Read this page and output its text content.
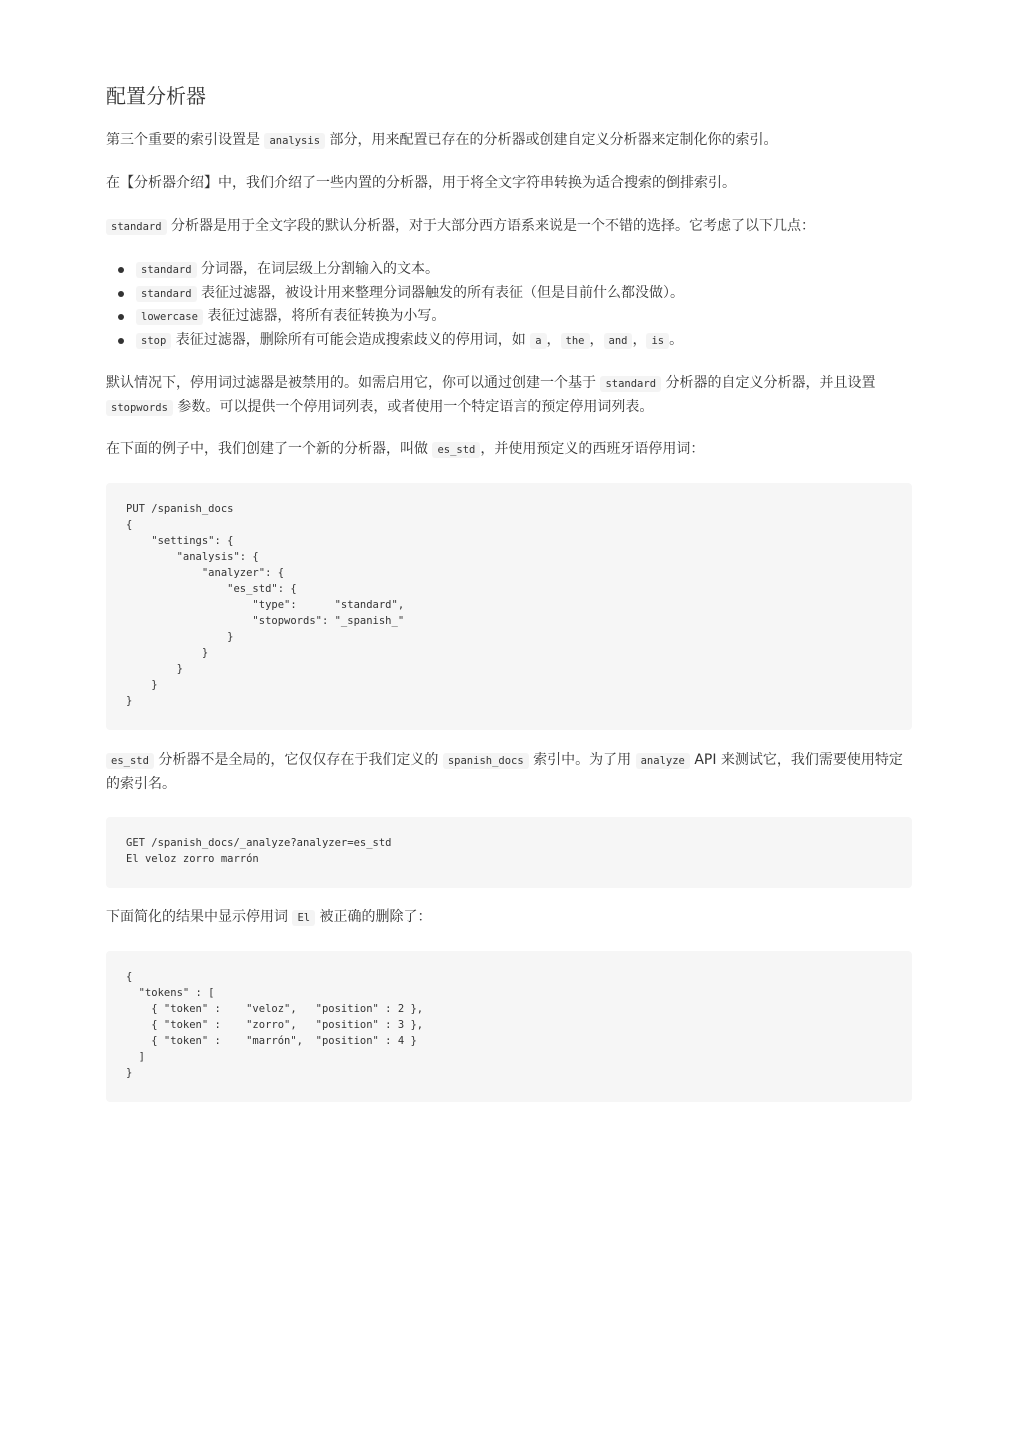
配置分析器

第三个重要的索引设置是 analysis 部分，用来配置已存在的分析器或创建自定义分析器来定制化你的索引。

在【分析器介绍】中，我们介绍了一些内置的分析器，用于将全文字符串转换为适合搜索的倒排索引。

standard 分析器是用于全文字段的默认分析器，对于大部分西方语系来说是一个不错的选择。它考虑了以下几点：

standard 分词器，在词层级上分割输入的文本。
standard 表征过滤器，被设计用来整理分词器触发的所有表征（但是目前什么都没做）。
lowercase 表征过滤器，将所有表征转换为小写。
stop 表征过滤器，删除所有可能会造成搜索歧义的停用词，如 a ， the ， and ， is 。

默认情况下，停用词过滤器是被禁用的。如需启用它，你可以通过创建一个基于 standard 分析器的自定义分析器，并且设置 stopwords 参数。可以提供一个停用词列表，或者使用一个特定语言的预定停用词列表。

在下面的例子中，我们创建了一个新的分析器，叫做 es_std ，并使用预定义的西班牙语停用词：

PUT /spanish_docs
{
"settings": {
"analysis": {
"analyzer": {
"es_std": {
"type":      "standard",
"stopwords": "_spanish_"
}
}
}
}
}

es_std 分析器不是全局的，它仅仅存在于我们定义的 spanish_docs 索引中。为了用 analyze API 来测试它，我们需要使用特定的索引名。

GET /spanish_docs/_analyze?analyzer=es_std
El veloz zorro marrón

下面简化的结果中显示停用词 El 被正确的删除了：

{
"tokens" : [
{ "token" :    "veloz",   "position" : 2 },
{ "token" :    "zorro",   "position" : 3 },
{ "token" :    "marrón",  "position" : 4 }
]
}
